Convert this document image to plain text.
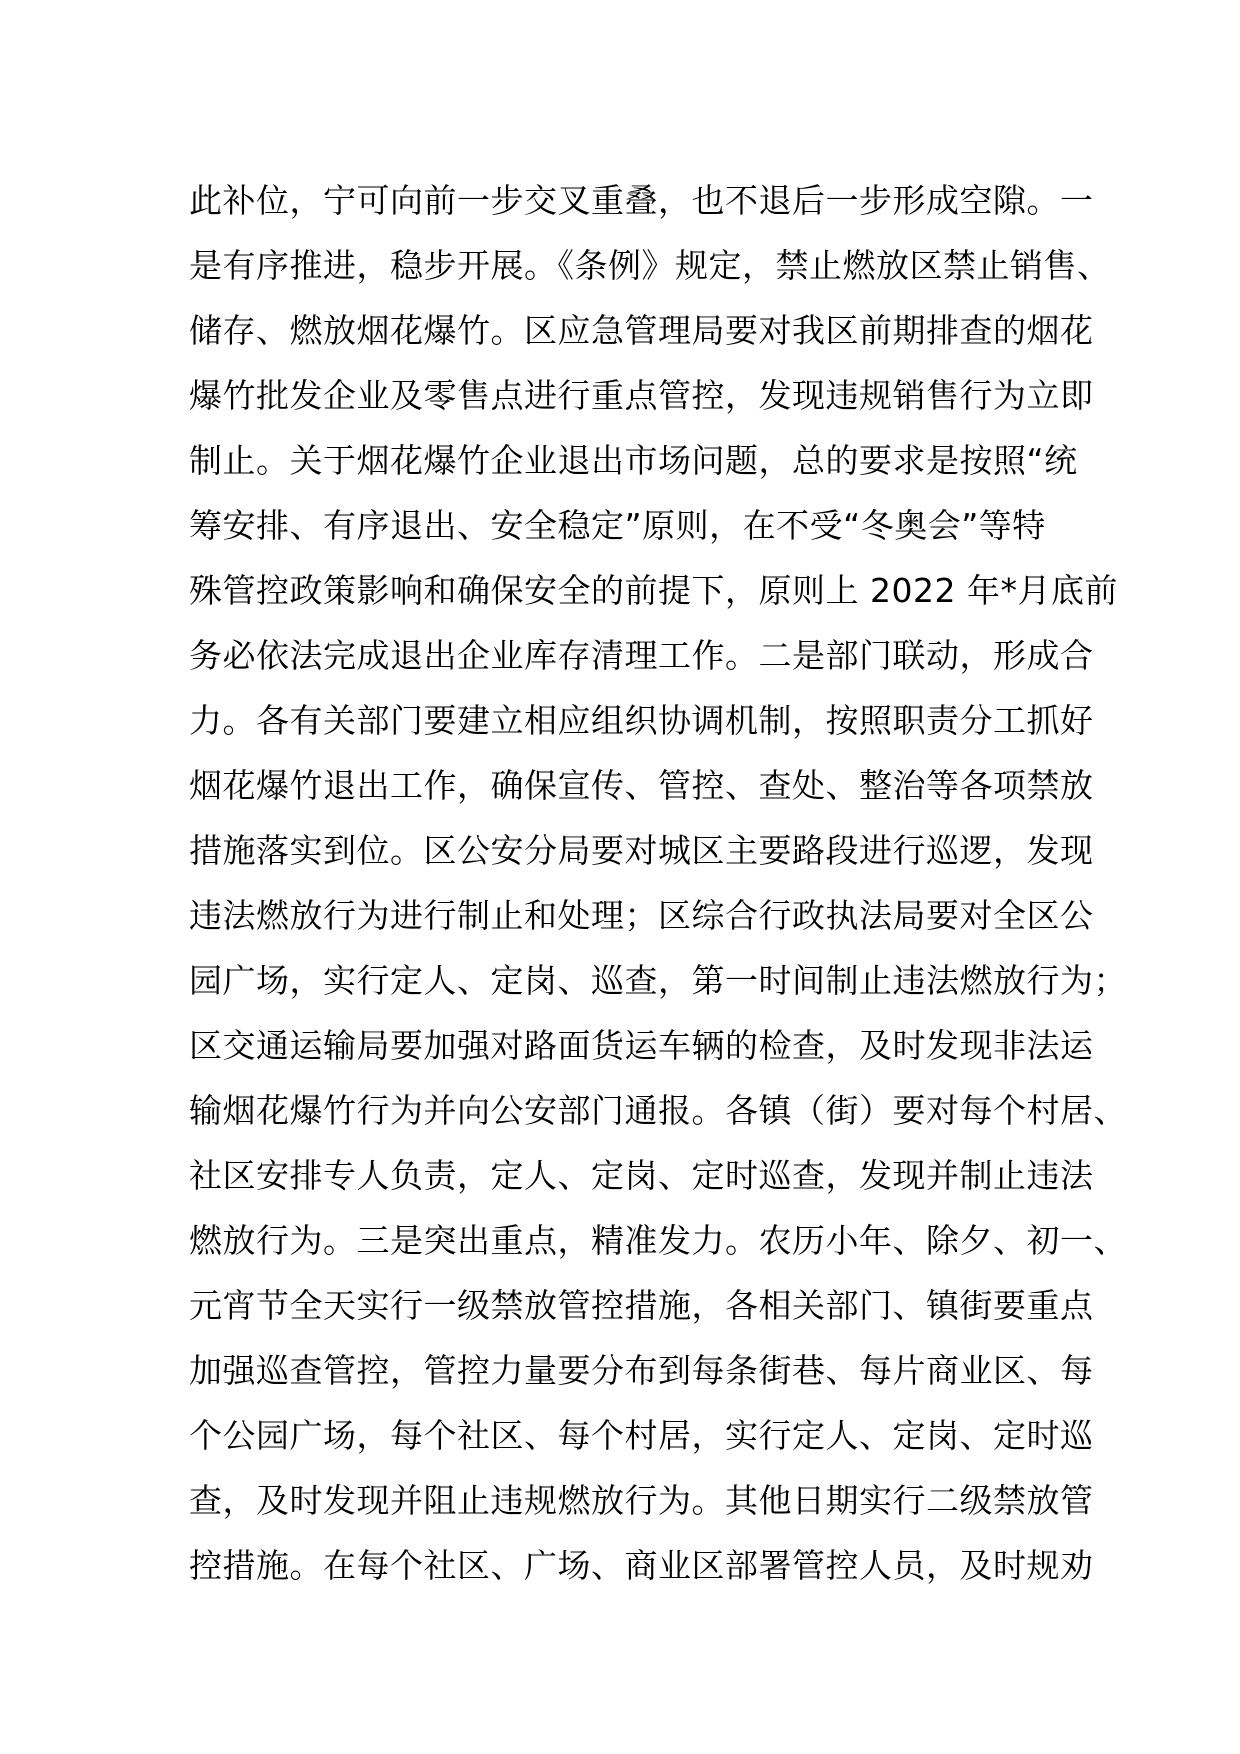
此补位，宁可向前一步交叉重叠，也不退后一步形成空隙。一
是有序推进，稳步开展。《条例》规定，禁止燃放区禁止销售、
储存、燃放烟花爆竹。区应急管理局要对我区前期排查的烟花
爆竹批发企业及零售点进行重点管控，发现违规销售行为立即
制止。关于烟花爆竹企业退出市场问题，总的要求是按照“统
筹安排、有序退出、安全稳定”原则，在不受“冬奥会”等特
殊管控政策影响和确保安全的前提下，原则上 2022 年*月底前
务必依法完成退出企业库存清理工作。二是部门联动，形成合
力。各有关部门要建立相应组织协调机制，按照职责分工抓好
烟花爆竹退出工作，确保宣传、管控、查处、整治等各项禁放
措施落实到位。区公安分局要对城区主要路段进行巡逻，发现
违法燃放行为进行制止和处理；区综合行政执法局要对全区公
园广场，实行定人、定岗、巡查，第一时间制止违法燃放行为；
区交通运输局要加强对路面货运车辆的检查，及时发现非法运
输烟花爆竹行为并向公安部门通报。各镇（街）要对每个村居、
社区安排专人负责，定人、定岗、定时巡查，发现并制止违法
燃放行为。三是突出重点，精准发力。农历小年、除夕、初一、
元宵节全天实行一级禁放管控措施，各相关部门、镇街要重点
加强巡查管控，管控力量要分布到每条街巷、每片商业区、每
个公园广场，每个社区、每个村居，实行定人、定岗、定时巡
查，及时发现并阻止违规燃放行为。其他日期实行二级禁放管
控措施。在每个社区、广场、商业区部署管控人员，及时规劝
